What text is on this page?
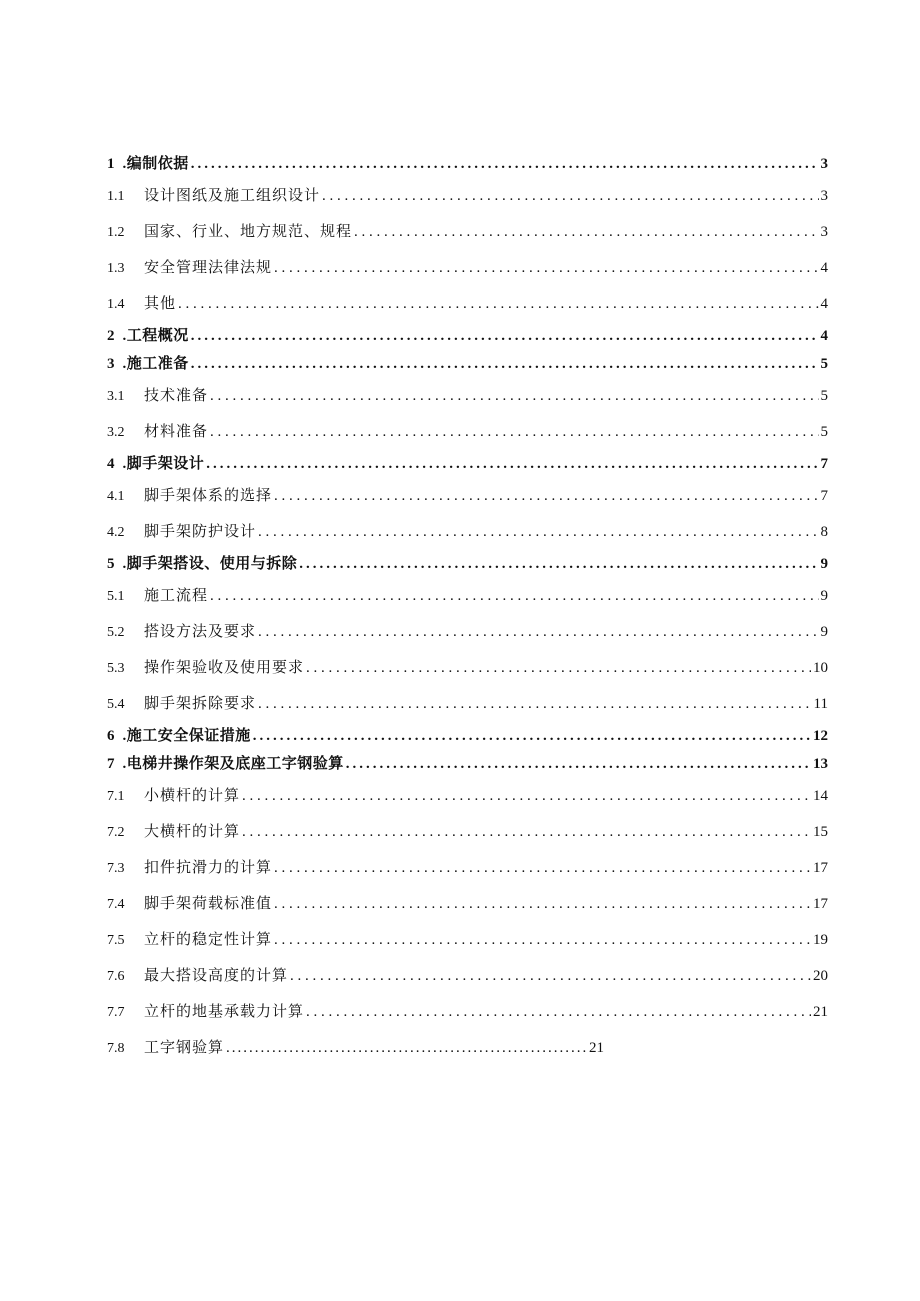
1 .编制依据 .....	3
1.1	设计图纸及施工组织设计 . . .	3
1.2	国家、行业、地方规范、规程 . . .	3
1.3	安全管理法律法规 . . .	4
1.4	其他 . . .	4
2 .工程概况 .....	4
3 .施工准备 .....	5
3.1	技术准备 . . .	5
3.2	材料准备 . . .	5
4 .脚手架设计 .....	7
4.1	脚手架体系的选择 . . .	7
4.2	脚手架防护设计 . . .	8
5 .脚手架搭设、使用与拆除 .....	9
5.1	施工流程 . . .	9
5.2	搭设方法及要求 . . .	9
5.3	操作架验收及使用要求 . . .	10
5.4	脚手架拆除要求 . . .	11
6 .施工安全保证措施 .....	12
7 .电梯井操作架及底座工字钢验算 .....	13
7.1	小横杆的计算 . . .	14
7.2	大横杆的计算 . . .	15
7.3	扣件抗滑力的计算 . . .	17
7.4	脚手架荷载标准值 . . .	17
7.5	立杆的稳定性计算 . . .	19
7.6	最大搭设高度的计算 . . .	20
7.7	立杆的地基承载力计算 . . .	21
7.8	工字钢验算 .....	21
